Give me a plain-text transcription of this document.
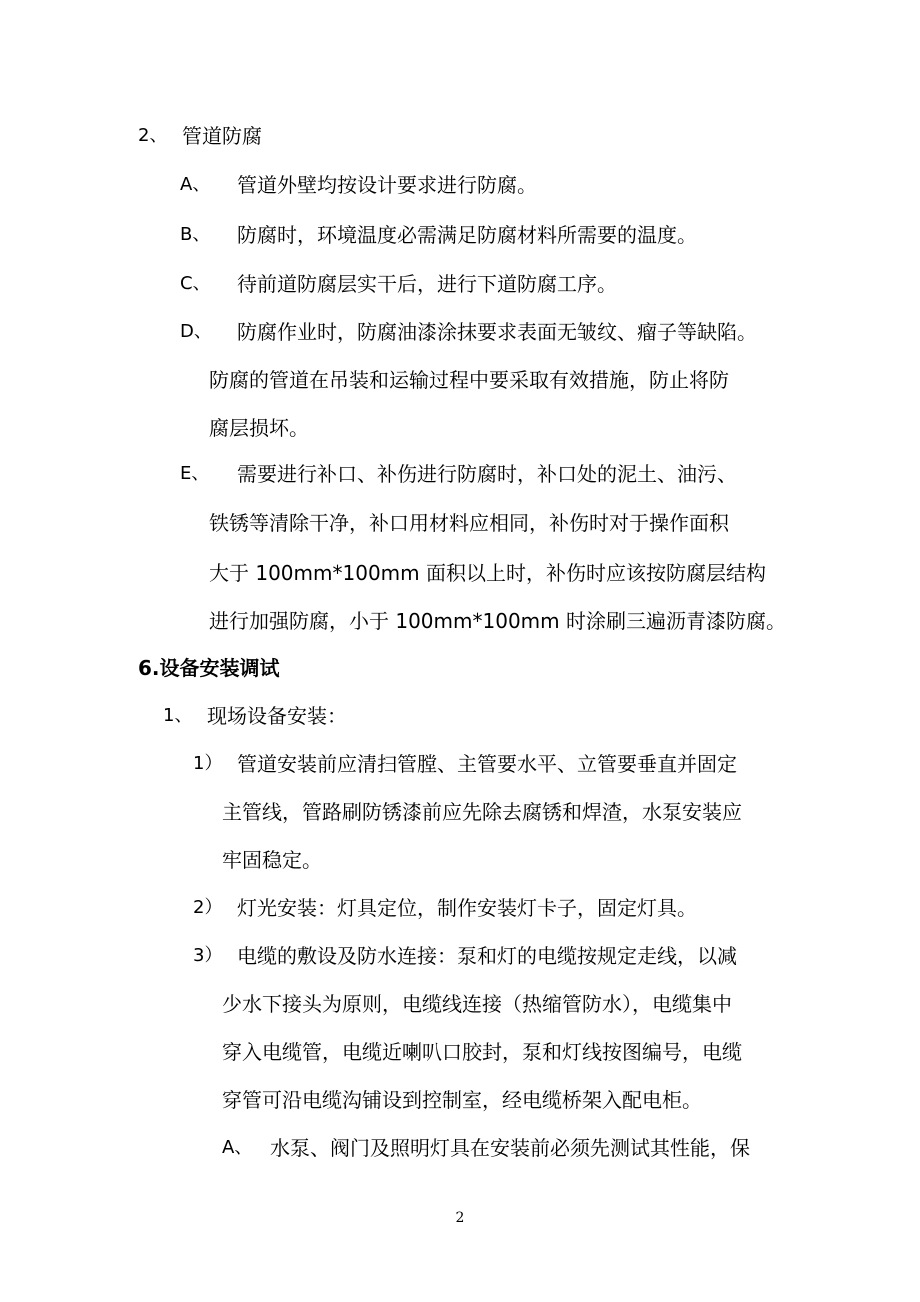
2、 管道防腐
A、 管道外壁均按设计要求进行防腐。
B、 防腐时，环境温度必需满足防腐材料所需要的温度。
C、 待前道防腐层实干后，进行下道防腐工序。
D、 防腐作业时，防腐油漆涂抹要求表面无皱纹、瘤子等缺陷。
防腐的管道在吊装和运输过程中要采取有效措施，防止将防
腐层损坏。
E、 需要进行补口、补伤进行防腐时，补口处的泥土、油污、
铁锈等清除干净，补口用材料应相同，补伤时对于操作面积
大于 100mm*100mm 面积以上时，补伤时应该按防腐层结构
进行加强防腐，小于 100mm*100mm 时涂刷三遍沥青漆防腐。
6.设备安装调试
1、 现场设备安装：
1） 管道安装前应清扫管膛、主管要水平、立管要垂直并固定
主管线，管路刷防锈漆前应先除去腐锈和焊渣，水泵安装应
牢固稳定。
2） 灯光安装：灯具定位，制作安装灯卡子，固定灯具。
3） 电缆的敷设及防水连接：泵和灯的电缆按规定走线，以减
少水下接头为原则，电缆线连接（热缩管防水），电缆集中
穿入电缆管，电缆近喇叭口胶封，泵和灯线按图编号，电缆
穿管可沿电缆沟铺设到控制室，经电缆桥架入配电柜。
A、 水泵、阀门及照明灯具在安装前必须先测试其性能，保
2
